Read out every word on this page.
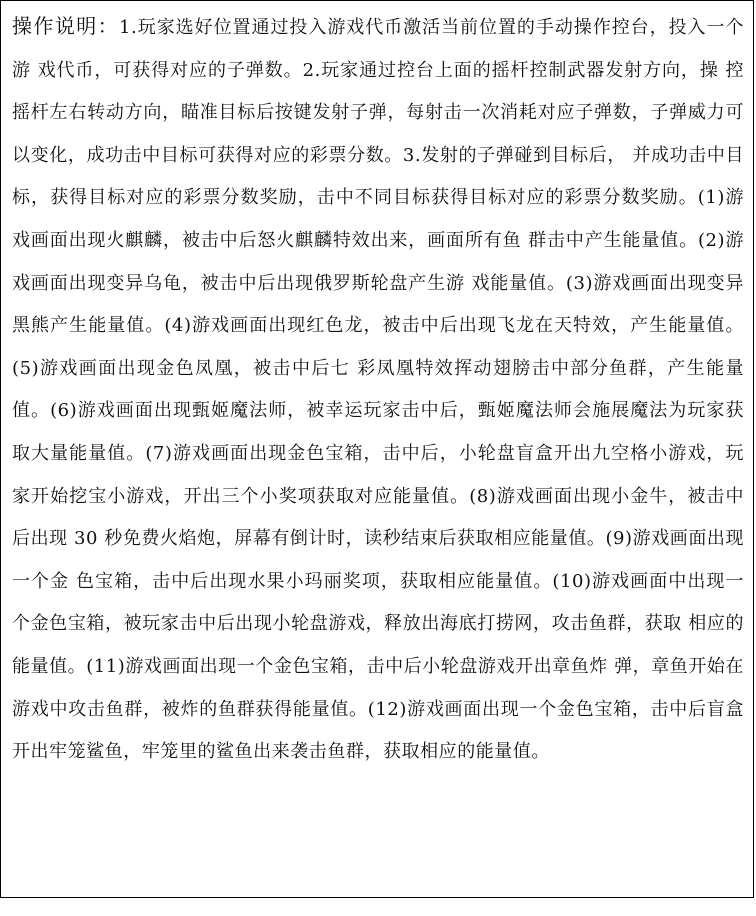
操作说明：1.玩家选好位置通过投入游戏代币激活当前位置的手动操作控台，投入一个游 戏代币，可获得对应的子弹数。2.玩家通过控台上面的摇杆控制武器发射方向，操 控摇杆左右转动方向，瞄准目标后按键发射子弹，每射击一次消耗对应子弹数，子弹威力可以变化，成功击中目标可获得对应的彩票分数。3.发射的子弹碰到目标后， 并成功击中目标，获得目标对应的彩票分数奖励，击中不同目标获得目标对应的彩票分数奖励。(1)游戏画面出现火麒麟，被击中后怒火麒麟特效出来，画面所有鱼 群击中产生能量值。(2)游戏画面出现变异乌龟，被击中后出现俄罗斯轮盘产生游 戏能量值。(3)游戏画面出现变异黑熊产生能量值。(4)游戏画面出现红色龙，被击中后出现飞龙在天特效，产生能量值。(5)游戏画面出现金色凤凰，被击中后七 彩凤凰特效挥动翅膀击中部分鱼群，产生能量值。(6)游戏画面出现甄姬魔法师，被幸运玩家击中后，甄姬魔法师会施展魔法为玩家获取大量能量值。(7)游戏画面出现金色宝箱，击中后，小轮盘盲盒开出九空格小游戏，玩家开始挖宝小游戏，开出三个小奖项获取对应能量值。(8)游戏画面出现小金牛，被击中后出现 30 秒免费火焰炮，屏幕有倒计时，读秒结束后获取相应能量值。(9)游戏画面出现一个金 色宝箱，击中后出现水果小玛丽奖项，获取相应能量值。(10)游戏画面中出现一 个金色宝箱，被玩家击中后出现小轮盘游戏，释放出海底打捞网，攻击鱼群，获取 相应的能量值。(11)游戏画面出现一个金色宝箱，击中后小轮盘游戏开出章鱼炸 弹，章鱼开始在游戏中攻击鱼群，被炸的鱼群获得能量值。(12)游戏画面出现一个金色宝箱，击中后盲盒开出牢笼鲨鱼，牢笼里的鲨鱼出来袭击鱼群，获取相应的能量值。
